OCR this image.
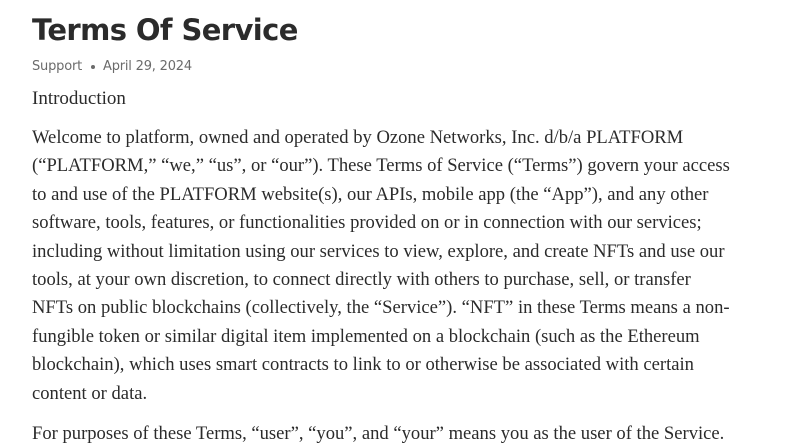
Terms Of Service
Support April 29, 2024
Introduction

Welcome to platform, owned and operated by Ozone Networks, Inc. d/b/a PLATFORM (“PLATFORM,” “we,” “us”, or “our”). These Terms of Service (“Terms”) govern your access to and use of the PLATFORM website(s), our APIs, mobile app (the “App”), and any other software, tools, features, or functionalities provided on or in connection with our services; including without limitation using our services to view, explore, and create NFTs and use our tools, at your own discretion, to connect directly with others to purchase, sell, or transfer NFTs on public blockchains (collectively, the “Service”). “NFT” in these Terms means a non-fungible token or similar digital item implemented on a blockchain (such as the Ethereum blockchain), which uses smart contracts to link to or otherwise be associated with certain content or data.

For purposes of these Terms, “user”, “you”, and “your” means you as the user of the Service.
